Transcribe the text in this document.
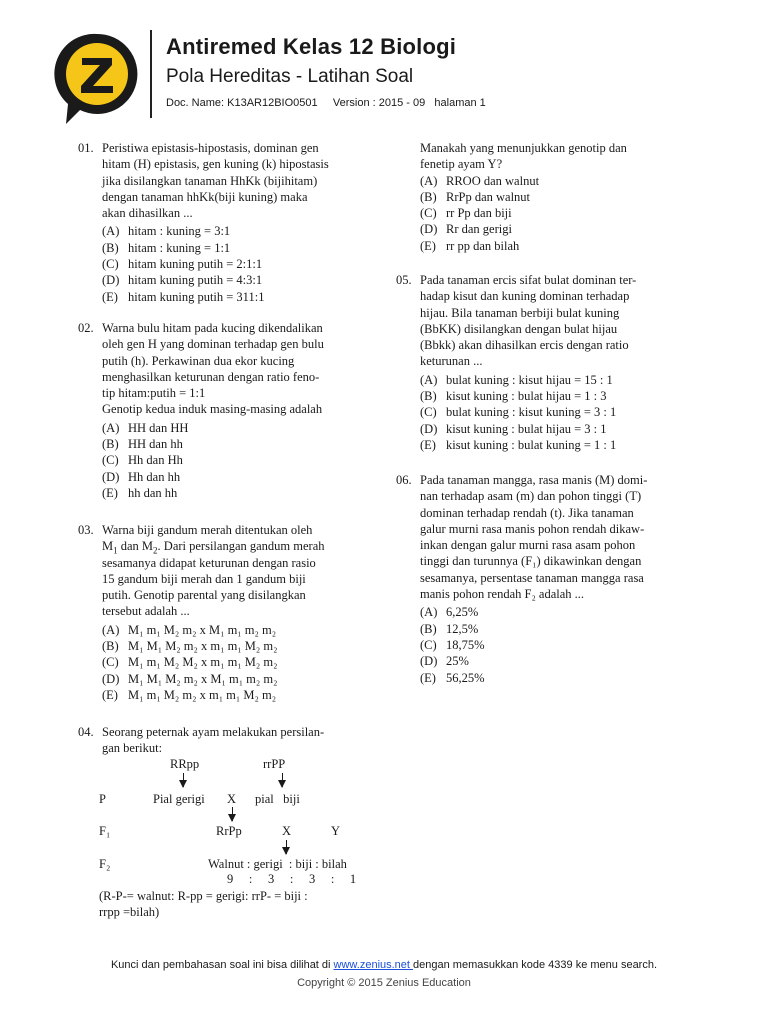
Antiremed Kelas 12 Biologi
Pola Hereditas - Latihan Soal
Doc. Name: K13AR12BIO0501     Version : 2015 - 09   halaman 1
01. Peristiwa epistasis-hipostasis, dominan gen
hitam (H) epistasis, gen kuning (k) hipostasis
jika disilangkan tanaman HhKk (bijihitam)
dengan tanaman hhKk(biji kuning) maka
akan dihasilkan ...
(A) hitam : kuning = 3:1
(B) hitam : kuning = 1:1
(C) hitam kuning putih = 2:1:1
(D) hitam kuning putih = 4:3:1
(E) hitam kuning putih = 311:1
02. Warna bulu hitam pada kucing dikendalikan
oleh gen H yang dominan terhadap gen bulu
putih (h). Perkawinan dua ekor kucing
menghasilkan keturunan dengan ratio feno-
tip hitam:putih = 1:1
Genotip kedua induk masing-masing adalah
(A) HH dan HH
(B) HH dan hh
(C) Hh dan Hh
(D) Hh dan hh
(E) hh dan hh
03. Warna biji gandum merah ditentukan oleh
$M_1$ dan $M_2$. Dari persilangan gandum merah
sesamanya didapat keturunan dengan rasio
15 gandum biji merah dan 1 gandum biji
putih. Genotip parental yang disilangkan
tersebut adalah ...
(A) M₁ m₁ M₂ m₂ x M₁ m₁ m₂ m₂
(B) M₁ M₁ M₂ m₂ x m₁ m₁ M₂ m₂
(C) M₁ m₁ M₂ M₂ x m₁ m₁ M₂ m₂
(D) M₁ M₁ M₂ m₂ x M₁ m₁ m₂ m₂
(E) M₁ m₁ M₂ m₂ x m₁ m₁ M₂ m₂
04. Seorang peternak ayam melakukan persilan-
gan berikut:
RRpp	rrPP
P	Pial gerigi X pial   biji
F₁	RrPp	X	Y
F₂	Walnut : gerigi  : biji : bilah
9     :     3     :     3     :     1
(R-P-= walnut: R-pp = gerigi: rrP- = biji :
rrpp =bilah)
Manakah yang menunjukkan genotip dan
fenetip ayam Y?
(A) RROO dan walnut
(B) RrPp dan walnut
(C) rr Pp dan biji
(D) Rr dan gerigi
(E) rr pp dan bilah
05. Pada tanaman ercis sifat bulat dominan ter-
hadap kisut dan kuning dominan terhadap
hijau. Bila tanaman berbiji bulat kuning
(BbKK) disilangkan dengan bulat hijau
(Bbkk) akan dihasilkan ercis dengan ratio
keturunan ...
(A) bulat kuning : kisut hijau = 15 : 1
(B) kisut kuning : bulat hijau = 1 : 3
(C) bulat kuning : kisut kuning = 3 : 1
(D) kisut kuning : bulat hijau = 3 : 1
(E) kisut kuning : bulat kuning = 1 : 1
06. Pada tanaman mangga, rasa manis (M) domi-
nan terhadap asam (m) dan pohon tinggi (T)
dominan terhadap rendah (t). Jika tanaman
galur murni rasa manis pohon rendah dikaw-
inkan dengan galur murni rasa asam pohon
tinggi dan turunnya (F₁) dikawinkan dengan
sesamanya, persentase tanaman mangga rasa
manis pohon rendah F₂ adalah ...
(A) 6,25%
(B) 12,5%
(C) 18,75%
(D) 25%
(E) 56,25%
Kunci dan pembahasan soal ini bisa dilihat di www.zenius.net dengan memasukkan kode 4339 ke menu search.
Copyright © 2015 Zenius Education
